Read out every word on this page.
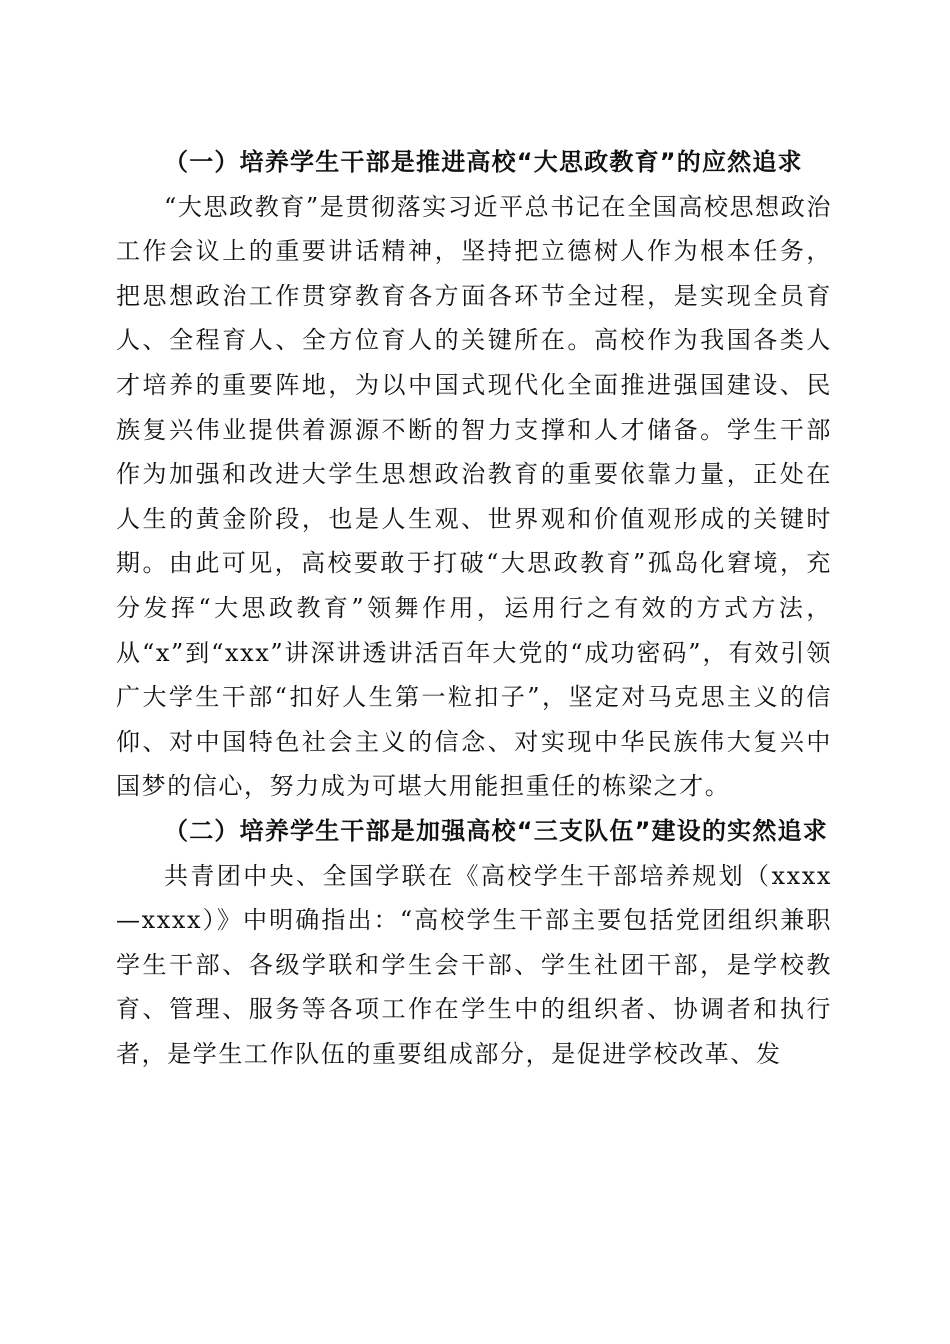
（一）培养学生干部是推进高校“大思政教育”的应然追求

“大思政教育”是贯彻落实习近平总书记在全国高校思想政治工作会议上的重要讲话精神，坚持把立德树人作为根本任务，把思想政治工作贯穿教育各方面各环节全过程，是实现全员育人、全程育人、全方位育人的关键所在。高校作为我国各类人才培养的重要阵地，为以中国式现代化全面推进强国建设、民族复兴伟业提供着源源不断的智力支撑和人才储备。学生干部作为加强和改进大学生思想政治教育的重要依靠力量，正处在人生的黄金阶段，也是人生观、世界观和价值观形成的关键时期。由此可见，高校要敢于打破“大思政教育”孤岛化窘境，充分发挥“大思政教育”领舞作用，运用行之有效的方式方法，从“x”到“xxx”讲深讲透讲活百年大党的“成功密码”，有效引领广大学生干部“扣好人生第一粒扣子”，坚定对马克思主义的信仰、对中国特色社会主义的信念、对实现中华民族伟大复兴中国梦的信心，努力成为可堪大用能担重任的栋梁之才。

（二）培养学生干部是加强高校“三支队伍”建设的实然追求

共青团中央、全国学联在《高校学生干部培养规划（xxxx—xxxx）》中明确指出：“高校学生干部主要包括党团组织兼职学生干部、各级学联和学生会干部、学生社团干部，是学校教育、管理、服务等各项工作在学生中的组织者、协调者和执行者，是学生工作队伍的重要组成部分，是促进学校改革、发
